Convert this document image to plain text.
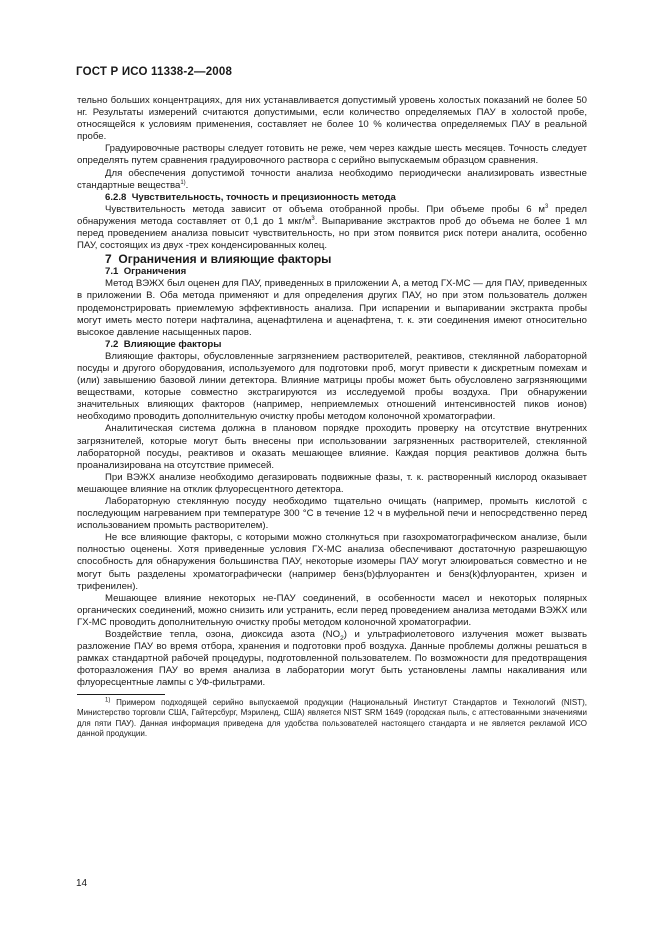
ГОСТ Р ИСО 11338-2—2008

тельно больших концентрациях, для них устанавливается допустимый уровень холостых показаний не более 50 нг. Результаты измерений считаются допустимыми, если количество определяемых ПАУ в холостой пробе, относящейся к условиям применения, составляет не более 10 % количества определяемых ПАУ в реальной пробе.

Градуировочные растворы следует готовить не реже, чем через каждые шесть месяцев. Точность следует определять путем сравнения градуировочного раствора с серийно выпускаемым образцом сравнения.

Для обеспечения допустимой точности анализа необходимо периодически анализировать известные стандартные вещества$^{1)}$.

6.2.8 Чувствительность, точность и прецизионность метода

Чувствительность метода зависит от объема отобранной пробы. При объеме пробы 6 $м^3$ предел обнаружения метода составляет от 0,1 до 1 мкг/$м^3$. Выпаривание экстрактов проб до объема не более 1 мл перед проведением анализа повысит чувствительность, но при этом появится риск потери аналита, особенно ПАУ, состоящих из двух -трех конденсированных колец.

7 Ограничения и влияющие факторы

7.1 Ограничения

Метод ВЭЖХ был оценен для ПАУ, приведенных в приложении А, а метод ГХ-МС — для ПАУ, приведенных в приложении В. Оба метода применяют и для определения других ПАУ, но при этом пользователь должен продемонстрировать приемлемую эффективность анализа. При испарении и выпаривании экстракта пробы могут иметь место потери нафталина, аценафтилена и аценафтена, т. к. эти соединения имеют относительно высокое давление насыщенных паров.

7.2 Влияющие факторы

Влияющие факторы, обусловленные загрязнением растворителей, реактивов, стеклянной лабораторной посуды и другого оборудования, используемого для подготовки проб, могут привести к дискретным помехам и (или) завышению базовой линии детектора. Влияние матрицы пробы может быть обусловлено загрязняющими веществами, которые совместно экстрагируются из исследуемой пробы воздуха. При обнаружении значительных влияющих факторов (например, неприемлемых отношений интенсивностей пиков ионов) необходимо проводить дополнительную очистку пробы методом колоночной хроматографии.

Аналитическая система должна в плановом порядке проходить проверку на отсутствие внутренних загрязнителей, которые могут быть внесены при использовании загрязненных растворителей, стеклянной лабораторной посуды, реактивов и оказать мешающее влияние. Каждая порция реактивов должна быть проанализирована на отсутствие примесей.

При ВЭЖХ анализе необходимо дегазировать подвижные фазы, т. к. растворенный кислород оказывает мешающее влияние на отклик флуоресцентного детектора.

Лабораторную стеклянную посуду необходимо тщательно очищать (например, промыть кислотой с последующим нагреванием при температуре 300 °С в течение 12 ч в муфельной печи и непосредственно перед использованием промыть растворителем).

Не все влияющие факторы, с которыми можно столкнуться при газохроматографическом анализе, были полностью оценены. Хотя приведенные условия ГХ-МС анализа обеспечивают достаточную разрешающую способность для обнаружения большинства ПАУ, некоторые изомеры ПАУ могут элюироваться совместно и не могут быть разделены хроматографически (например бенз(b)флуорантен и бенз(k)флуорантен, хризен и трифенилен).

Мешающее влияние некоторых не-ПАУ соединений, в особенности масел и некоторых полярных органических соединений, можно снизить или устранить, если перед проведением анализа методами ВЭЖХ или ГХ-МС проводить дополнительную очистку пробы методом колоночной хроматографии.

Воздействие тепла, озона, диоксида азота $(NO_2)$ и ультрафиолетового излучения может вызвать разложение ПАУ во время отбора, хранения и подготовки проб воздуха. Данные проблемы должны решаться в рамках стандартной рабочей процедуры, подготовленной пользователем. По возможности для предотвращения фоторазложения ПАУ во время анализа в лаборатории могут быть установлены лампы накаливания или флуоресцентные лампы с УФ-фильтрами.

$^{1)}$ Примером подходящей серийно выпускаемой продукции (Национальный Институт Стандартов и Технологий (NIST), Министерство торговли США, Гайтерсбург, Мэриленд, США) является NIST SRM 1649 (городская пыль, с аттестованными значениями для пяти ПАУ). Данная информация приведена для удобства пользователей настоящего стандарта и не является рекламой ИСО данной продукции.

14
